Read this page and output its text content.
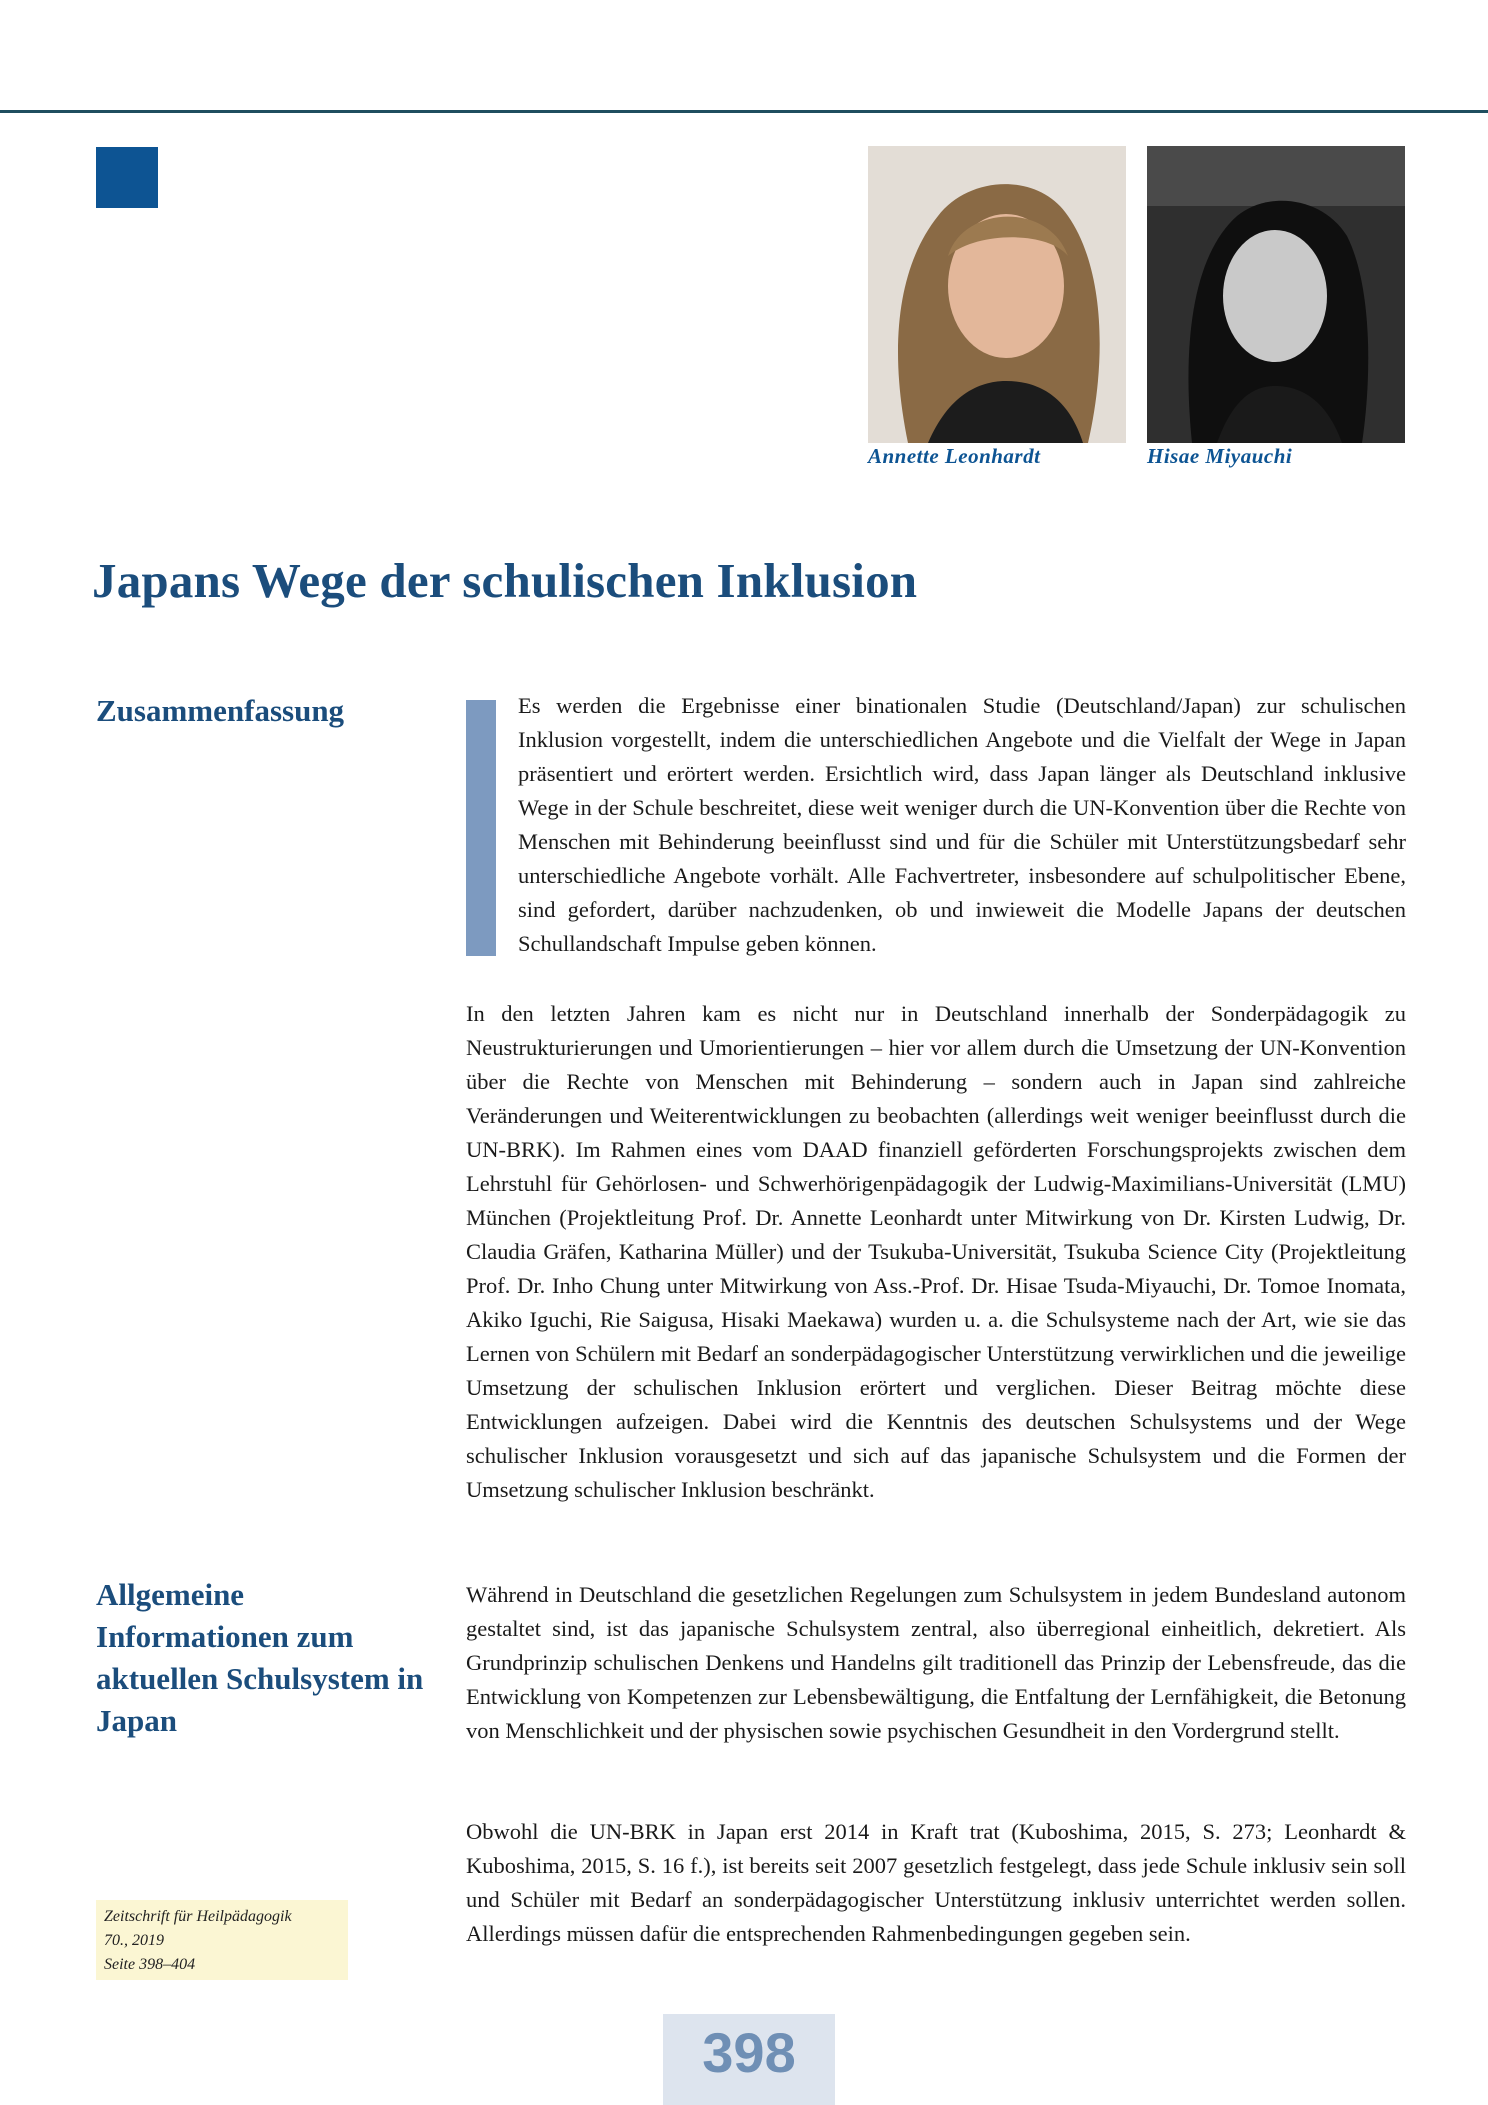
Annette Leonhardt	Hisae Miyauchi
Japans Wege der schulischen Inklusion
Zusammenfassung	Es werden die Ergebnisse einer binationalen Studie (Deutschland/Japan) zur schulischen Inklusion vorgestellt, indem die unterschiedlichen Angebote und die Vielfalt der Wege in Japan präsentiert und erörtert werden. Ersichtlich wird, dass Japan länger als Deutschland inklusive Wege in der Schule beschreitet, diese weit weniger durch die UN-Konvention über die Rechte von Menschen mit Behinderung beeinflusst sind und für die Schüler mit Unterstützungsbedarf sehr unterschiedliche Angebote vorhält. Alle Fachvertreter, insbesondere auf schulpolitischer Ebene, sind gefordert, darüber nachzudenken, ob und inwieweit die Modelle Japans der deutschen Schullandschaft Impulse geben können.

In den letzten Jahren kam es nicht nur in Deutschland innerhalb der Sonderpädagogik zu Neustrukturierungen und Umorientierungen – hier vor allem durch die Umsetzung der UN-Konvention über die Rechte von Menschen mit Behinderung – sondern auch in Japan sind zahlreiche Veränderungen und Weiterentwicklungen zu beobachten (allerdings weit weniger beeinflusst durch die UN-BRK). Im Rahmen eines vom DAAD finanziell geförderten Forschungsprojekts zwischen dem Lehrstuhl für Gehörlosen- und Schwerhörigenpädagogik der Ludwig-Maximilians-Universität (LMU) München (Projektleitung Prof. Dr. Annette Leonhardt unter Mitwirkung von Dr. Kirsten Ludwig, Dr. Claudia Gräfen, Katharina Müller) und der Tsukuba-Universität, Tsukuba Science City (Projektleitung Prof. Dr. Inho Chung unter Mitwirkung von Ass.-Prof. Dr. Hisae Tsuda-Miyauchi, Dr. Tomoe Inomata, Akiko Iguchi, Rie Saigusa, Hisaki Maekawa) wurden u. a. die Schulsysteme nach der Art, wie sie das Lernen von Schülern mit Bedarf an sonderpädagogischer Unterstützung verwirklichen und die jeweilige Umsetzung der schulischen Inklusion erörtert und verglichen. Dieser Beitrag möchte diese Entwicklungen aufzeigen. Dabei wird die Kenntnis des deutschen Schulsystems und der Wege schulischer Inklusion vorausgesetzt und sich auf das japanische Schulsystem und die Formen der Umsetzung schulischer Inklusion beschränkt.

Allgemeine Informationen zum aktuellen Schulsystem in Japan

Während in Deutschland die gesetzlichen Regelungen zum Schulsystem in jedem Bundesland autonom gestaltet sind, ist das japanische Schulsystem zentral, also überregional einheitlich, dekretiert. Als Grundprinzip schulischen Denkens und Handelns gilt traditionell das Prinzip der Lebensfreude, das die Entwicklung von Kompetenzen zur Lebensbewältigung, die Entfaltung der Lernfähigkeit, die Betonung von Menschlichkeit und der physischen sowie psychischen Gesundheit in den Vordergrund stellt.

Obwohl die UN-BRK in Japan erst 2014 in Kraft trat (Kuboshima, 2015, S. 273; Leonhardt & Kuboshima, 2015, S. 16 f.), ist bereits seit 2007 gesetzlich festgelegt, dass jede Schule inklusiv sein soll und Schüler mit Bedarf an sonderpädagogischer Unterstützung inklusiv unterrichtet werden sollen. Allerdings müssen dafür die entsprechenden Rahmenbedingungen gegeben sein.

Zeitschrift für Heilpädagogik
70., 2019
Seite 398–404
398
